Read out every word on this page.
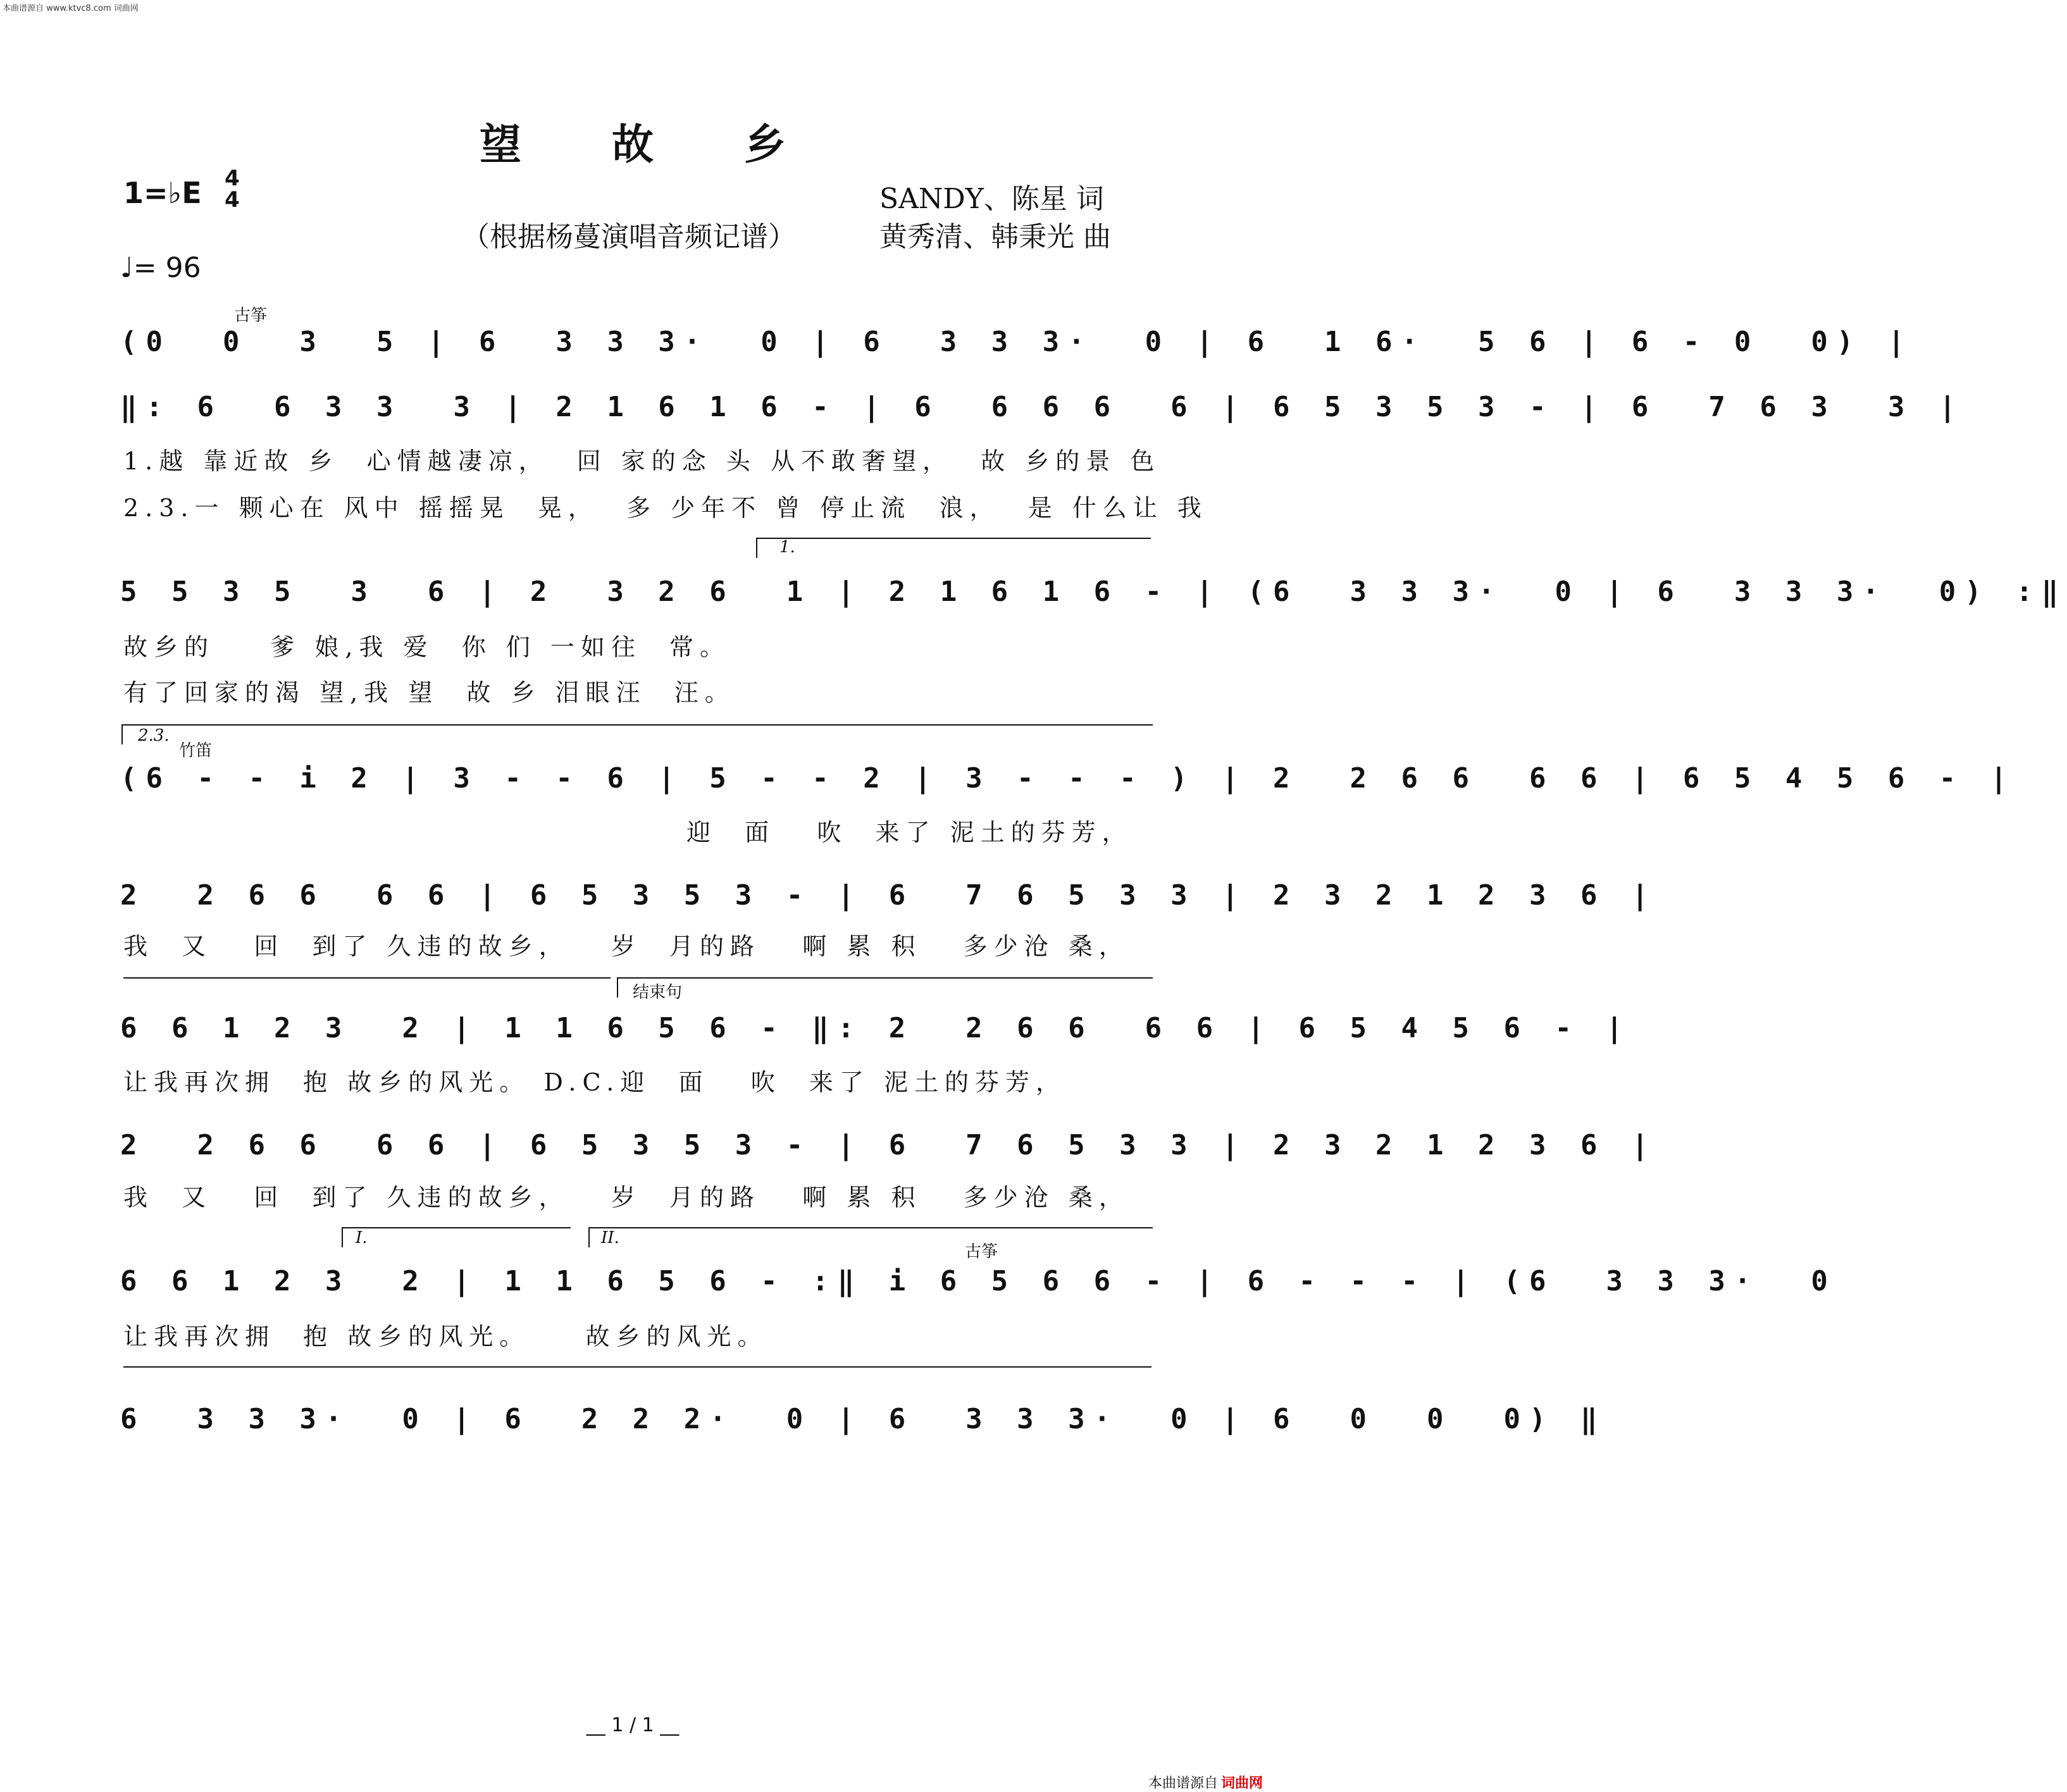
本曲谱源自 www.ktvc8.com 词曲网
望 故 乡
1=♭E 4
4
♩= 96
SANDY、陈星 词
（根据杨蔓演唱音频记谱）	黄秀清、韩秉光 曲
古筝
(0  0  3  5 | 6  3 3 3·  0 | 6  3 3 3·  0 | 6  1 6·  5 6 | 6 - 0  0) |
‖: 6  6 3 3  3 | 2 1 6 1 6 - | 6  6 6 6  6 | 6 5 3 5 3 - | 6  7 6 3  3 |
1.越 靠近故 乡  心情越凄凉，  回 家的念 头 从不敢奢望，  故 乡的景 色
2.3.一 颗心在 风中 摇摇晃  晃，  多 少年不 曾 停止流  浪，  是 什么让 我
1.
5 5 3 5  3  6 | 2  3 2 6  1 | 2 1 6 1 6 - | (6  3 3 3·  0 | 6  3 3 3·  0) :‖
故乡的    爹 娘,我 爱  你 们 一如往  常。
有了回家的渴 望,我 望  故 乡 泪眼汪  汪。
2.3.
竹笛
(6 - - i 2 | 3 - - 6 | 5 - - 2 | 3 - - - ) | 2  2 6 6  6 6 | 6 5 4 5 6 - |
迎  面   吹  来了 泥土的芬芳，
2  2 6 6  6 6 | 6 5 3 5 3 - | 6  7 6 5 3 3 | 2 3 2 1 2 3 6 |
我  又   回  到了 久违的故乡，   岁  月的路   啊 累 积   多少沧 桑，
结束句
6 6 1 2 3  2 | 1 1 6 5 6 - ‖: 2  2 6 6  6 6 | 6 5 4 5 6 - |
让我再次拥  抱 故乡的风光。 D.C.迎  面   吹  来了 泥土的芬芳，
2  2 6 6  6 6 | 6 5 3 5 3 - | 6  7 6 5 3 3 | 2 3 2 1 2 3 6 |
我  又   回  到了 久违的故乡，   岁  月的路   啊 累 积   多少沧 桑，
I.	II.
古筝
6 6 1 2 3  2 | 1 1 6 5 6 - :‖ i 6 5 6 6 - | 6 - - - | (6  3 3 3·  0
让我再次拥  抱 故乡的风光。    故乡的风光。
6  3 3 3·  0 | 6  2 2 2·  0 | 6  3 3 3·  0 | 6  0  0  0) ‖
__ 1 / 1 __
本曲谱源自 词曲网
